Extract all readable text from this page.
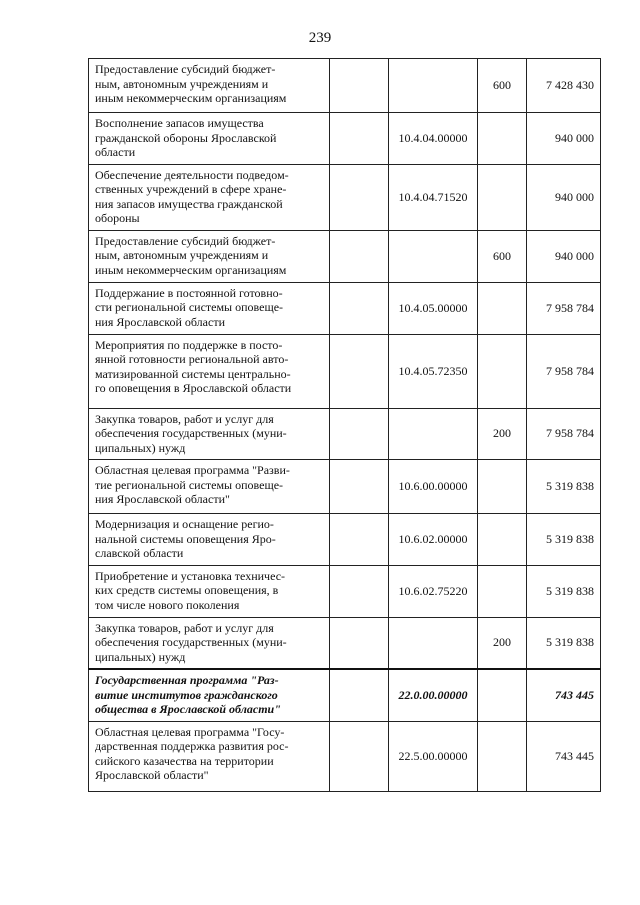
239
Предоставление субсидий бюджет-
ным, автономным учреждениям и
иным некоммерческим организациям			600	7 428 430
Восполнение запасов имущества
гражданской обороны Ярославской
области		10.4.04.00000		940 000
Обеспечение деятельности подведом-
ственных учреждений в сфере хране-
ния запасов имущества гражданской
обороны		10.4.04.71520		940 000
Предоставление субсидий бюджет-
ным, автономным учреждениям и
иным некоммерческим организациям			600	940 000
Поддержание в постоянной готовно-
сти региональной системы оповеще-
ния Ярославской области		10.4.05.00000		7 958 784
Мероприятия по поддержке в посто-
янной готовности региональной авто-
матизированной системы центрально-
го оповещения в Ярославской области		10.4.05.72350		7 958 784
Закупка товаров, работ и услуг для
обеспечения государственных (муни-
ципальных) нужд			200	7 958 784
Областная целевая программа "Разви-
тие региональной системы оповеще-
ния Ярославской области"		10.6.00.00000		5 319 838
Модернизация и оснащение регио-
нальной системы оповещения Яро-
славской области		10.6.02.00000		5 319 838
Приобретение и установка техничес-
ких средств системы оповещения, в
том числе нового поколения		10.6.02.75220		5 319 838
Закупка товаров, работ и услуг для
обеспечения государственных (муни-
ципальных) нужд			200	5 319 838
Государственная программа "Раз-
витие институтов гражданского
общества в Ярославской области"		22.0.00.00000		743 445
Областная целевая программа "Госу-
дарственная поддержка развития рос-
сийского казачества на территории
Ярославской области"		22.5.00.00000		743 445
